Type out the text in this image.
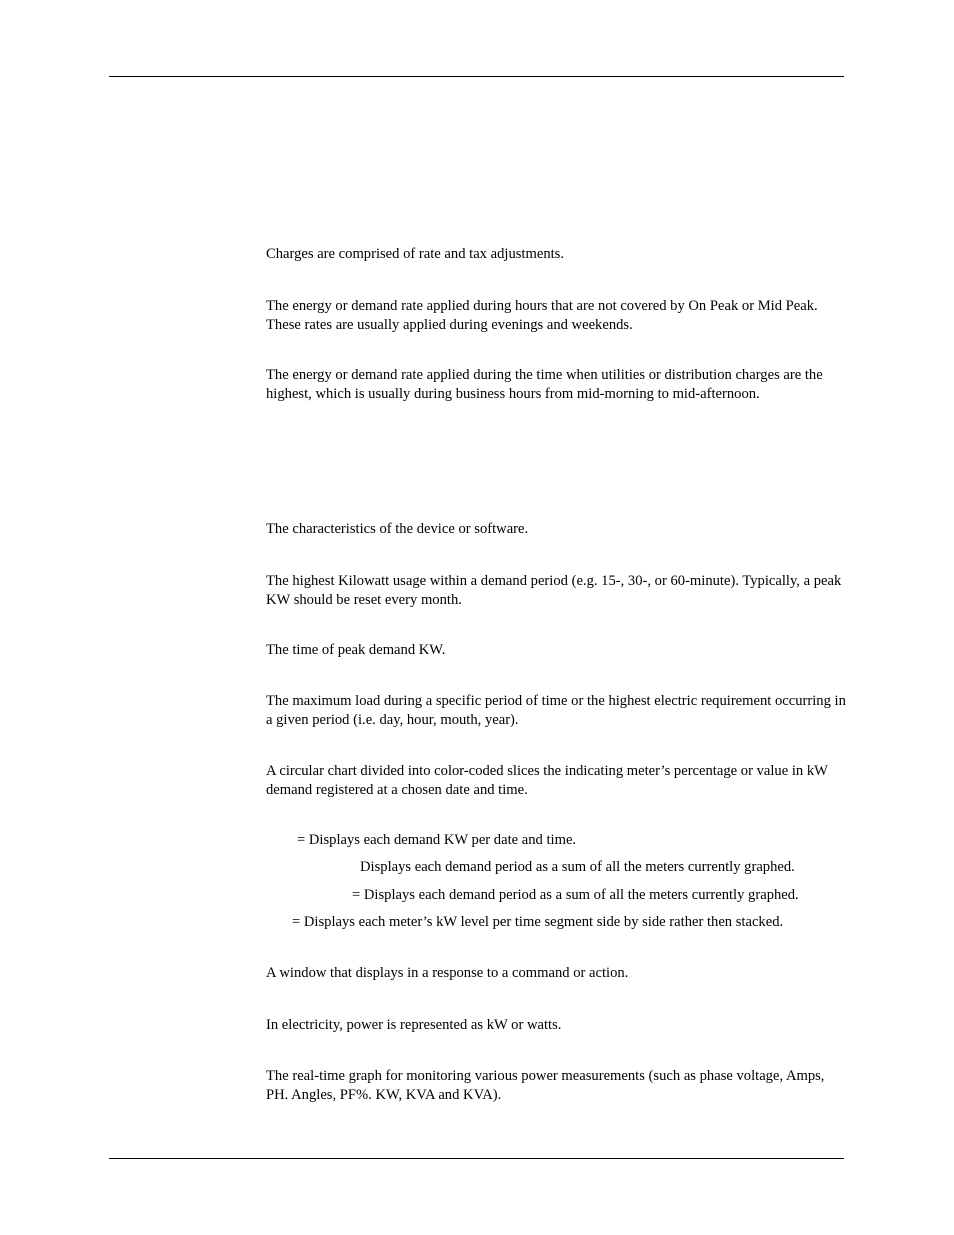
Charges are comprised of rate and tax adjustments.

The energy or demand rate applied during hours that are not covered by On Peak or Mid Peak. These rates are usually applied during evenings and weekends.

The energy or demand rate applied during the time when utilities or distribution charges are the highest, which is usually during business hours from mid-morning to mid-afternoon.

The characteristics of the device or software.

The highest Kilowatt usage within a demand period (e.g. 15-, 30-, or 60-minute). Typically, a peak KW should be reset every month.

The time of peak demand KW.

The maximum load during a specific period of time or the highest electric requirement occurring in a given period (i.e. day, hour, mouth, year).

A circular chart divided into color-coded slices the indicating meter’s percentage or value in kW demand registered at a chosen date and time.

= Displays each demand KW per date and time.
Displays each demand period as a sum of all the meters currently graphed.
= Displays each demand period as a sum of all the meters currently graphed.
= Displays each meter’s kW level per time segment side by side rather then stacked.

A window that displays in a response to a command or action.

In electricity, power is represented as kW or watts.

The real-time graph for monitoring various power measurements (such as phase voltage, Amps, PH. Angles, PF%. KW, KVA and KVA).
